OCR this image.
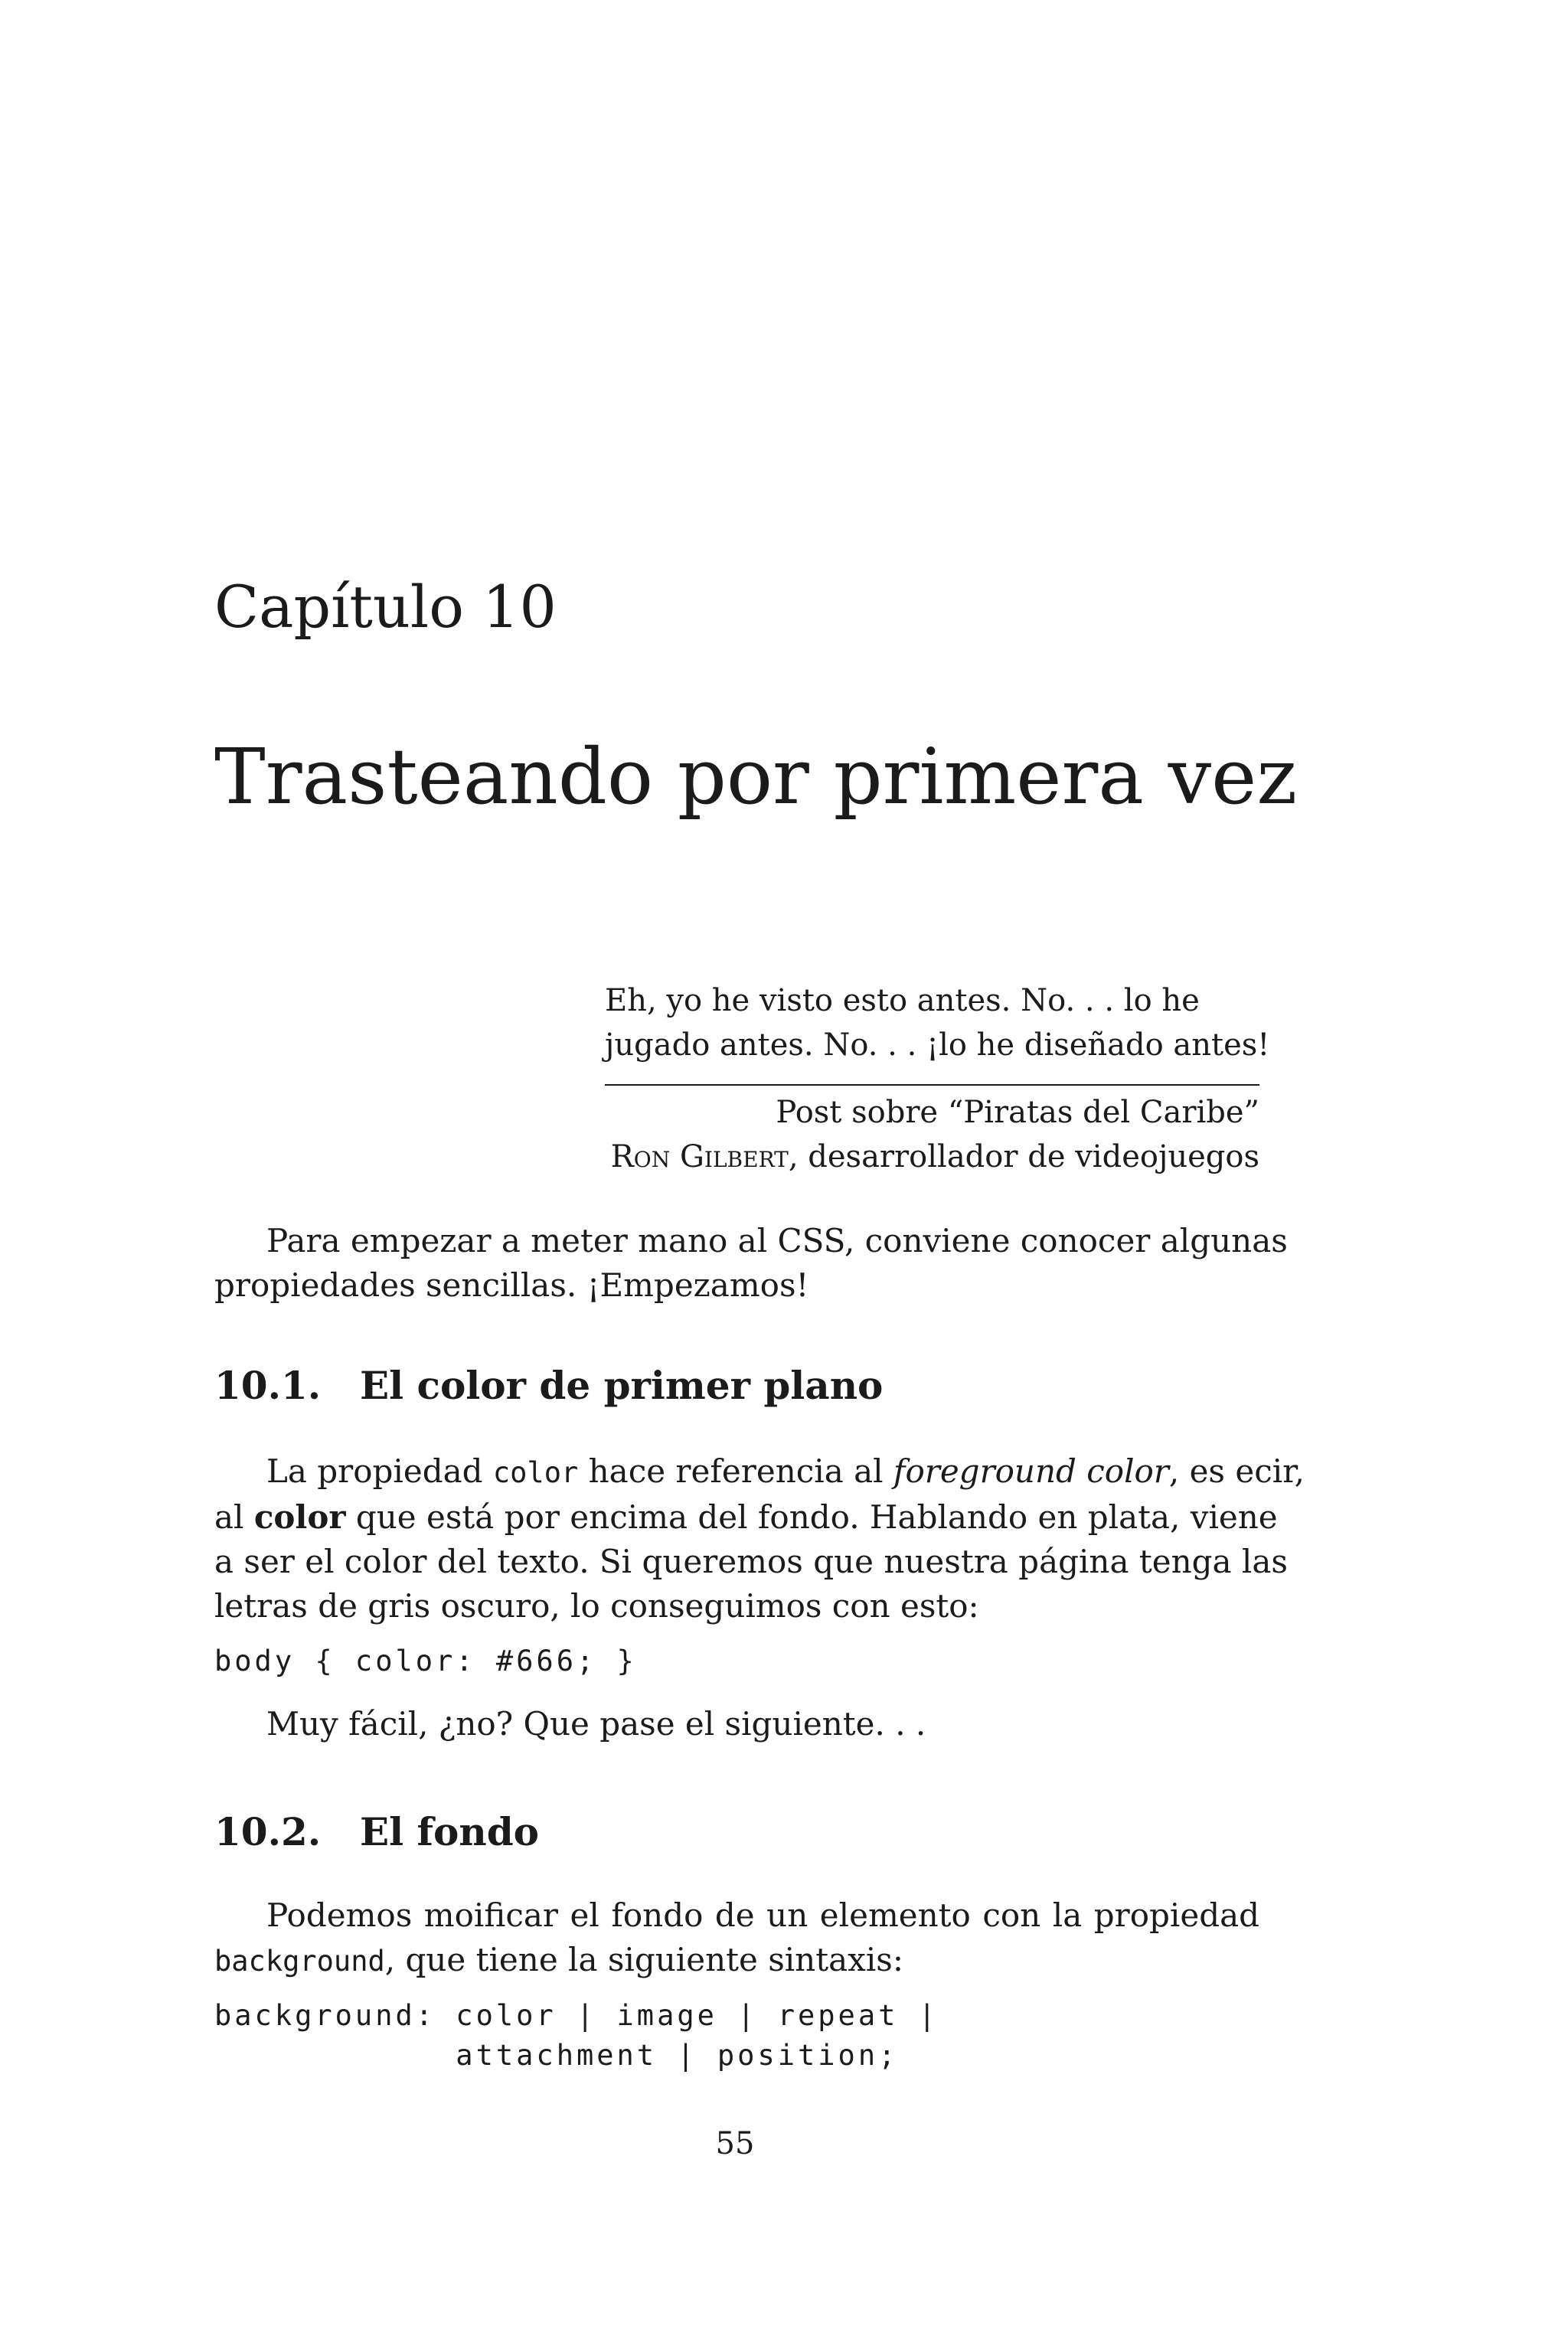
Capítulo 10
Trasteando por primera vez

Eh, yo he visto esto antes. No. . . lo he
jugado antes. No. . . ¡lo he diseñado antes!

Post sobre “Piratas del Caribe”

Ron Gilbert, desarrollador de videojuegos

Para empezar a meter mano al CSS, conviene conocer algunas
propiedades sencillas. ¡Empezamos!

10.1. El color de primer plano

La propiedad color hace referencia al foreground color, es ecir,
al color que está por encima del fondo. Hablando en plata, viene
a ser el color del texto. Si queremos que nuestra página tenga las
letras de gris oscuro, lo conseguimos con esto:

body { color: #666; }

Muy fácil, ¿no? Que pase el siguiente. . .

10.2. El fondo

Podemos moificar el fondo de un elemento con la propiedad
background, que tiene la siguiente sintaxis:

background: color | image | repeat |
attachment | position;
55
